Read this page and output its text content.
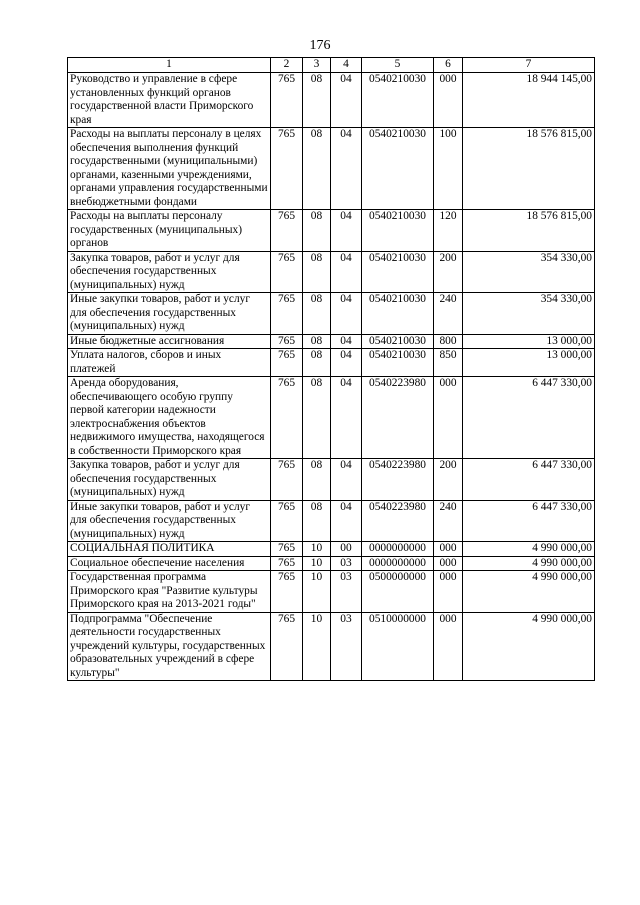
176
1	2	3	4	5	6	7
Руководство и управление в сфере установленных функций органов государственной власти Приморского края	765	08	04	0540210030	000	18 944 145,00
Расходы на выплаты персоналу в целях обеспечения выполнения функций государственными (муниципальными) органами, казенными учреждениями, органами управления государственными внебюджетными фондами	765	08	04	0540210030	100	18 576 815,00
Расходы на выплаты персоналу государственных (муниципальных) органов	765	08	04	0540210030	120	18 576 815,00
Закупка товаров, работ и услуг для обеспечения государственных (муниципальных) нужд	765	08	04	0540210030	200	354 330,00
Иные закупки товаров, работ и услуг для обеспечения государственных (муниципальных) нужд	765	08	04	0540210030	240	354 330,00
Иные бюджетные ассигнования	765	08	04	0540210030	800	13 000,00
Уплата налогов, сборов и иных платежей	765	08	04	0540210030	850	13 000,00
Аренда оборудования, обеспечивающего особую группу первой категории надежности электроснабжения объектов недвижимого имущества, находящегося в собственности Приморского края	765	08	04	0540223980	000	6 447 330,00
Закупка товаров, работ и услуг для обеспечения государственных (муниципальных) нужд	765	08	04	0540223980	200	6 447 330,00
Иные закупки товаров, работ и услуг для обеспечения государственных (муниципальных) нужд	765	08	04	0540223980	240	6 447 330,00
СОЦИАЛЬНАЯ ПОЛИТИКА	765	10	00	0000000000	000	4 990 000,00
Социальное обеспечение населения	765	10	03	0000000000	000	4 990 000,00
Государственная программа Приморского края "Развитие культуры Приморского края на 2013-2021 годы"	765	10	03	0500000000	000	4 990 000,00
Подпрограмма "Обеспечение деятельности государственных учреждений культуры, государственных образовательных учреждений в сфере культуры"	765	10	03	0510000000	000	4 990 000,00
